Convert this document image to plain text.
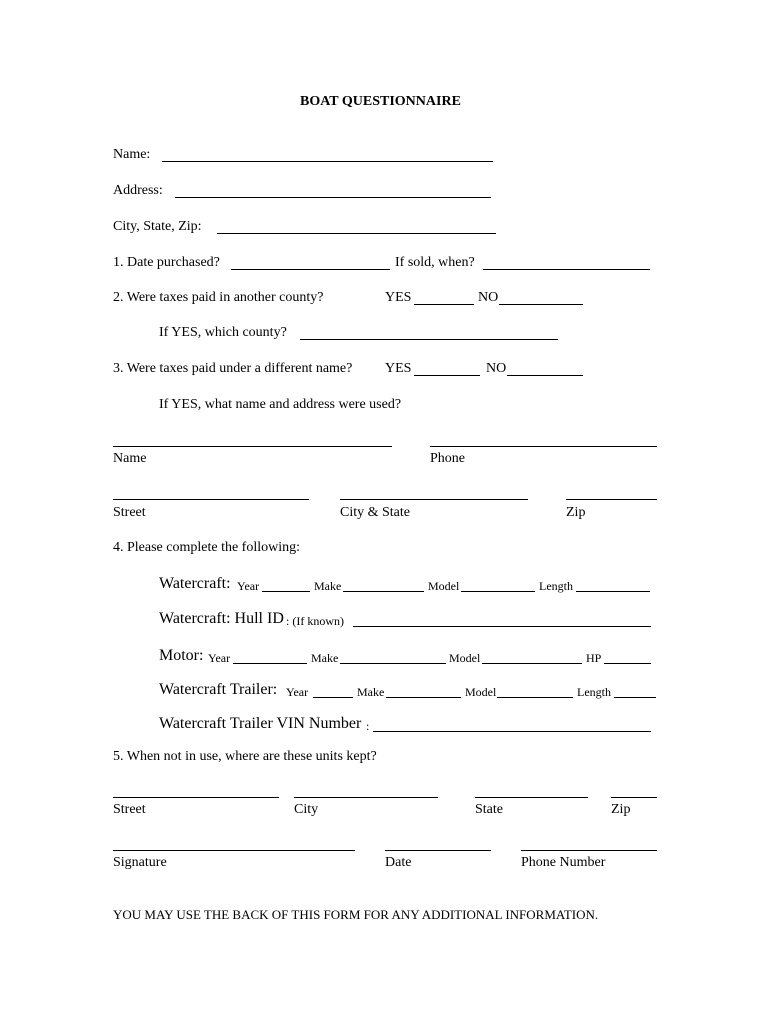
BOAT QUESTIONNAIRE
Name:
Address:
City, State, Zip:
1. Date purchased?	If sold, when?
2. Were taxes paid in another county?	YES	NO
If YES, which county?
3. Were taxes paid under a different name? YES	NO
If YES, what name and address were used?
Name	Phone
Street	City & State	Zip
4. Please complete the following:
Watercraft: Year	Make	Model	Length
Watercraft: Hull ID : (If known)
Motor: Year	Make	Model	HP
Watercraft Trailer: Year	Make	Model	Length
Watercraft Trailer VIN Number :
5. When not in use, where are these units kept?
Street	City	State	Zip
Signature	Date	Phone Number
YOU MAY USE THE BACK OF THIS FORM FOR ANY ADDITIONAL INFORMATION.
